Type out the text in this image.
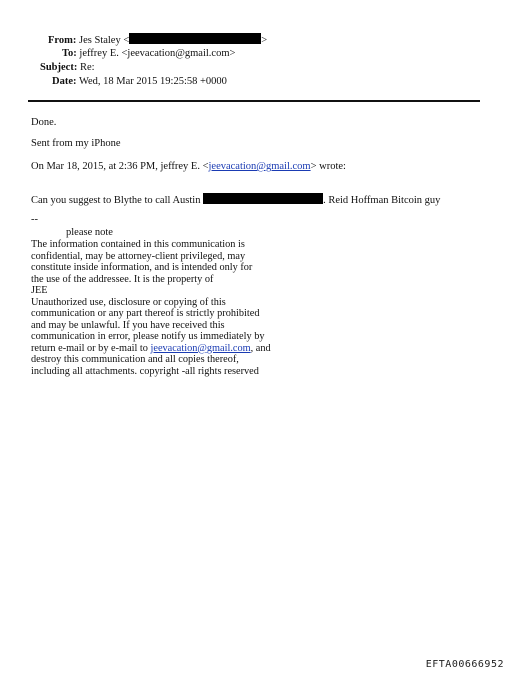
From: Jes Staley <	>
To: jeffrey E. <jeevacation@gmail.com>
Subject: Re:
Date: Wed, 18 Mar 2015 19:25:58 +0000
Done.
Sent from my iPhone
On Mar 18, 2015, at 2:36 PM, jeffrey E. <jeevacation@gmail.com> wrote:
Can you suggest to Blythe to call Austin	. Reid Hoffman Bitcoin guy
--
please note
The information contained in this communication is
confidential, may be attorney-client privileged, may
constitute inside information, and is intended only for
the use of the addressee. It is the property of
JEE
Unauthorized use, disclosure or copying of this
communication or any part thereof is strictly prohibited
and may be unlawful. If you have received this
communication in error, please notify us immediately by
return e-mail or by e-mail to jeevacation@gmail.com, and
destroy this communication and all copies thereof,
including all attachments. copyright -all rights reserved
EFTA00666952
